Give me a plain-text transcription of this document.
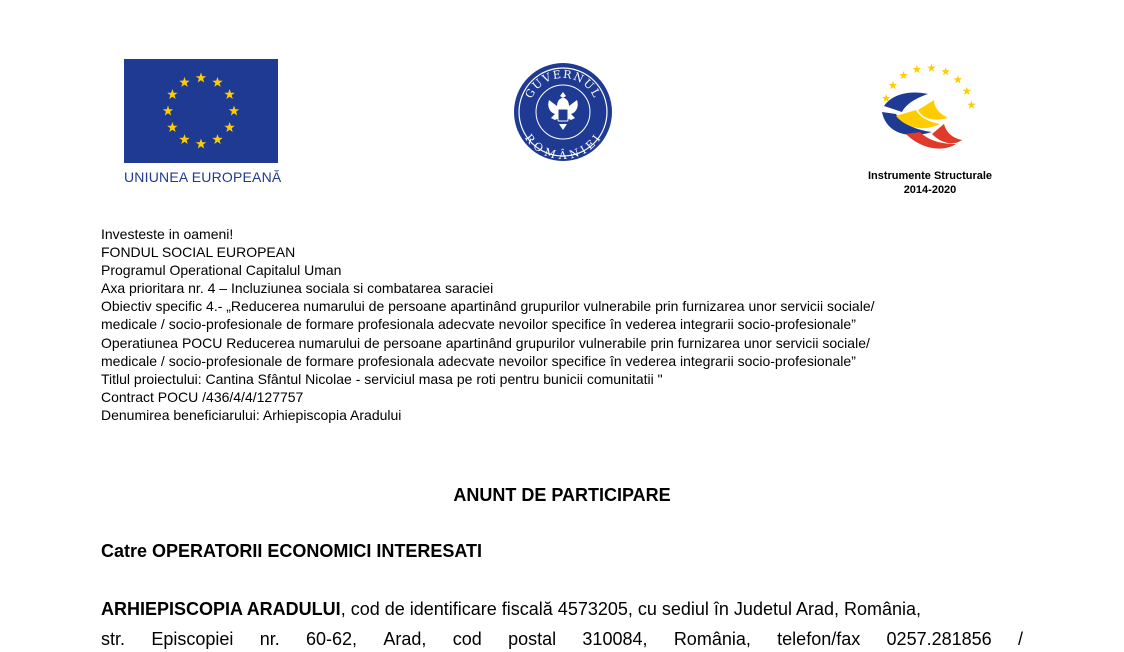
UNIUNEA EUROPEANĂ
GUVERNUL
ROMÂNIEI
Instrumente Structurale
2014-2020
Investeste in oameni!
FONDUL SOCIAL EUROPEAN
Programul Operational Capitalul Uman
Axa prioritara nr. 4 – Incluziunea sociala si combatarea saraciei
Obiectiv specific 4.- „Reducerea numarului de persoane apartinând grupurilor vulnerabile prin furnizarea unor servicii sociale/
medicale / socio-profesionale de formare profesionala adecvate nevoilor specifice în vederea integrarii socio-profesionale”
Operatiunea POCU Reducerea numarului de persoane apartinând grupurilor vulnerabile prin furnizarea unor servicii sociale/
medicale / socio-profesionale de formare profesionala adecvate nevoilor specifice în vederea integrarii socio-profesionale”
Titlul proiectului: Cantina Sfântul Nicolae - serviciul masa pe roti pentru bunicii comunitatii "
Contract POCU /436/4/4/127757
Denumirea beneficiarului: Arhiepiscopia Aradului
ANUNT DE PARTICIPARE
Catre OPERATORII ECONOMICI INTERESATI
ARHIEPISCOPIA ARADULUI, cod de identificare fiscală 4573205, cu sediul în Judetul Arad, România,
str. Episcopiei nr. 60-62, Arad, cod postal 310084, România, telefon/fax 0257.281856 /
